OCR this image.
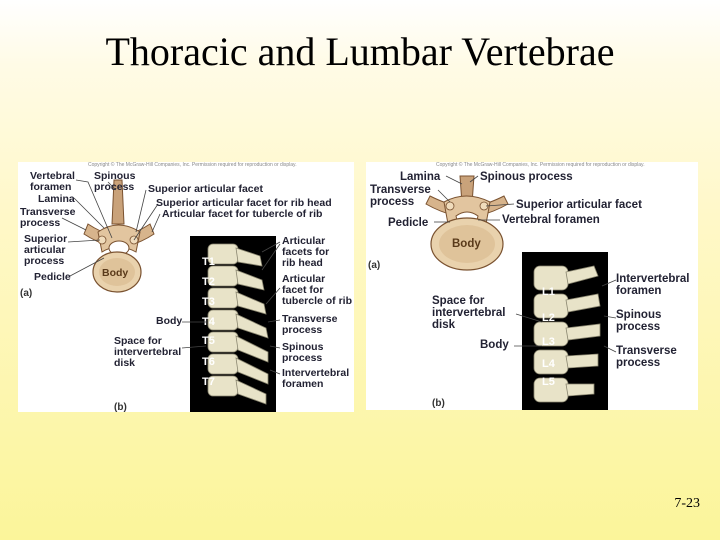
Thoracic and Lumbar Vertebrae
Copyright © The McGraw-Hill Companies, Inc. Permission required for reproduction or display.
T1
T2
T3
T4
T5
T6
T7
Vertebral
foramen
Spinous
process
Lamina
Transverse
process
Superior
articular
process
Pedicle	Body
(a)
Superior articular facet
Superior articular facet for rib head
Articular facet for tubercle of rib
Articular
facets for
rib head
Articular
facet for
tubercle of rib
Transverse
process
Spinous
process
Intervertebral
foramen
Body
Space for
intervertebral
disk
(b)
Copyright © The McGraw-Hill Companies, Inc. Permission required for reproduction or display.
L1
L2
L3
L4
L5
Lamina	Spinous process
Transverse
process	Superior articular facet
Pedicle	Vertebral foramen
Body
(a)
Space for
intervertebral
disk
Body
Intervertebral
foramen
Spinous
process
Transverse
process
(b)
7-23
